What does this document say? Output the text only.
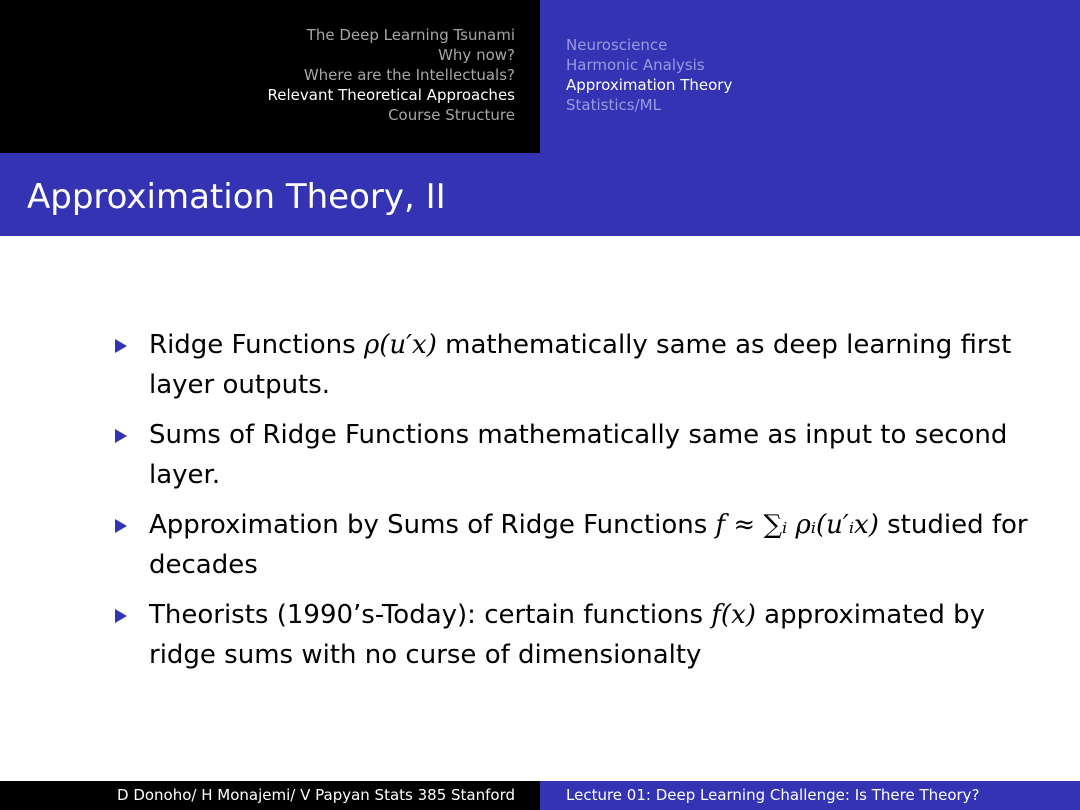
The Deep Learning Tsunami
Why now?
Where are the Intellectuals?
Relevant Theoretical Approaches
Course Structure
Neuroscience
Harmonic Analysis
Approximation Theory
Statistics/ML
Approximation Theory, II
Ridge Functions ρ(u′x) mathematically same as deep learning first layer outputs.
Sums of Ridge Functions mathematically same as input to second layer.
Approximation by Sums of Ridge Functions f ≈ ∑ᵢ ρᵢ(u′ᵢx) studied for decades
Theorists (1990’s-Today): certain functions f(x) approximated by ridge sums with no curse of dimensionalty
D Donoho/ H Monajemi/ V Papyan Stats 385 Stanford	Lecture 01: Deep Learning Challenge: Is There Theory?
